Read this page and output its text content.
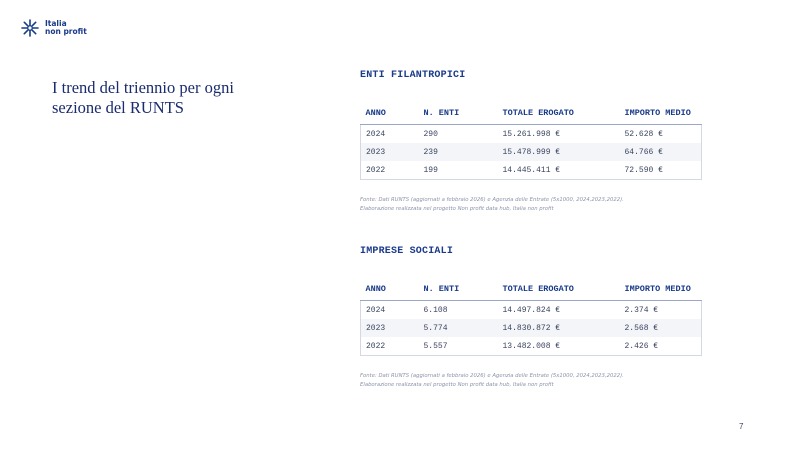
Italia
non profit
I trend del triennio per ogni sezione del RUNTS
ENTI FILANTROPICI
ANNO	N. ENTI	TOTALE EROGATO	IMPORTO MEDIO
2024	290	15.261.998 €	52.628 €
2023	239	15.478.999 €	64.766 €
2022	199	14.445.411 €	72.590 €
Fonte: Dati RUNTS (aggiornati a febbraio 2026) e Agenzia delle Entrate (5x1000, 2024,2023,2022).
Elaborazione realizzata nel progetto Non profit data hub, Italia non profit
IMPRESE SOCIALI
ANNO	N. ENTI	TOTALE EROGATO	IMPORTO MEDIO
2024	6.108	14.497.824 €	2.374 €
2023	5.774	14.830.872 €	2.568 €
2022	5.557	13.482.008 €	2.426 €
Fonte: Dati RUNTS (aggiornati a febbraio 2026) e Agenzia delle Entrate (5x1000, 2024,2023,2022).
Elaborazione realizzata nel progetto Non profit data hub, Italia non profit
7
